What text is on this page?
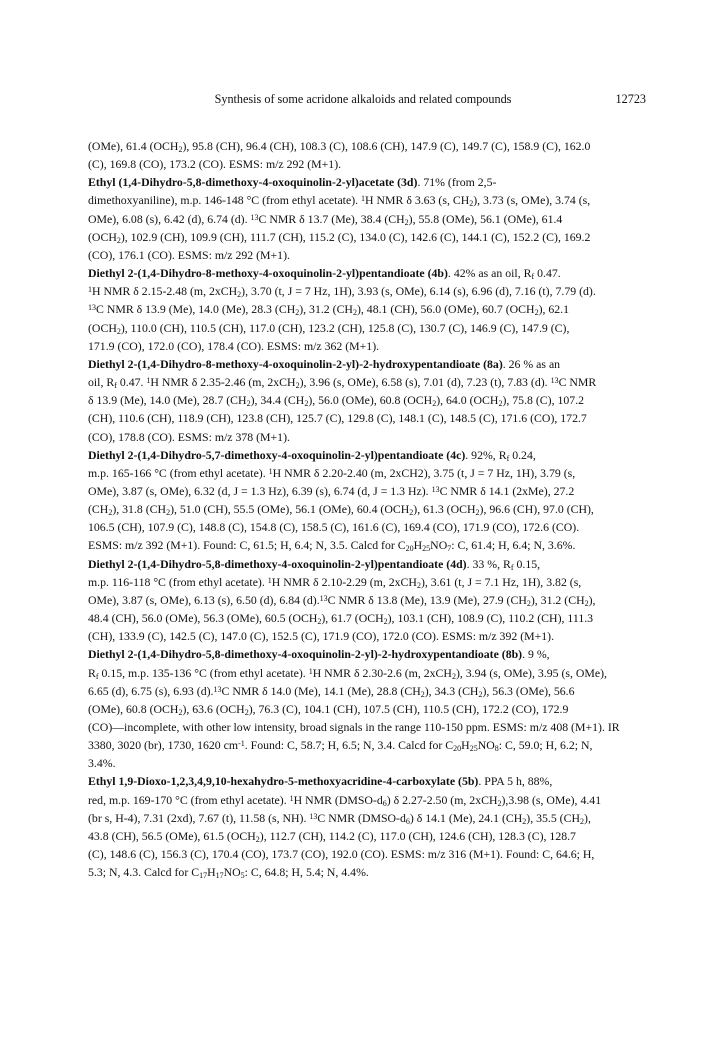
Synthesis of some acridone alkaloids and related compounds	12723
(OMe), 61.4 $(OCH_2)$, 95.8 (CH), 96.4 (CH), 108.3 (C), 108.6 (CH), 147.9 (C), 149.7 (C), 158.9 (C), 162.0
(C), 169.8 (CO), 173.2 (CO). ESMS: m/z 292 (M+1).
Ethyl (1,4-Dihydro-5,8-dimethoxy-4-oxoquinolin-2-yl)acetate (3d). 71% (from 2,5-
dimethoxyaniline), m.p. 146-148 °C (from ethyl acetate). $^1$H NMR δ 3.63 (s, $CH_2$), 3.73 (s, OMe), 3.74 (s,
OMe), 6.08 (s), 6.42 (d), 6.74 (d). $^{13}$C NMR δ 13.7 (Me), 38.4 $(CH_2)$, 55.8 (OMe), 56.1 (OMe), 61.4
$(OCH_2)$, 102.9 (CH), 109.9 (CH), 111.7 (CH), 115.2 (C), 134.0 (C), 142.6 (C), 144.1 (C), 152.2 (C), 169.2
(CO), 176.1 (CO). ESMS: m/z 292 (M+1).
Diethyl 2-(1,4-Dihydro-8-methoxy-4-oxoquinolin-2-yl)pentandioate (4b). 42% as an oil, $R_f$ 0.47.
$^1$H NMR δ 2.15-2.48 (m, 2xCH$_2$), 3.70 (t, J = 7 Hz, 1H), 3.93 (s, OMe), 6.14 (s), 6.96 (d), 7.16 (t), 7.79 (d).
$^{13}$C NMR δ 13.9 (Me), 14.0 (Me), 28.3 $(CH_2)$, 31.2 $(CH_2)$, 48.1 (CH), 56.0 (OMe), 60.7 $(OCH_2)$, 62.1
$(OCH_2)$, 110.0 (CH), 110.5 (CH), 117.0 (CH), 123.2 (CH), 125.8 (C), 130.7 (C), 146.9 (C), 147.9 (C),
171.9 (CO), 172.0 (CO), 178.4 (CO). ESMS: m/z 362 (M+1).
Diethyl 2-(1,4-Dihydro-8-methoxy-4-oxoquinolin-2-yl)-2-hydroxypentandioate (8a). 26 % as an
oil, $R_f$ 0.47. $^1$H NMR δ 2.35-2.46 (m, 2xCH$_2$), 3.96 (s, OMe), 6.58 (s), 7.01 (d), 7.23 (t), 7.83 (d). $^{13}$C NMR
δ 13.9 (Me), 14.0 (Me), 28.7 $(CH_2)$, 34.4 $(CH_2)$, 56.0 (OMe), 60.8 $(OCH_2)$, 64.0 $(OCH_2)$, 75.8 (C), 107.2
(CH), 110.6 (CH), 118.9 (CH), 123.8 (CH), 125.7 (C), 129.8 (C), 148.1 (C), 148.5 (C), 171.6 (CO), 172.7
(CO), 178.8 (CO). ESMS: m/z 378 (M+1).
Diethyl 2-(1,4-Dihydro-5,7-dimethoxy-4-oxoquinolin-2-yl)pentandioate (4c). 92%, $R_f$ 0.24,
m.p. 165-166 °C (from ethyl acetate). $^1$H NMR δ 2.20-2.40 (m, 2xCH2), 3.75 (t, J = 7 Hz, 1H), 3.79 (s,
OMe), 3.87 (s, OMe), 6.32 (d, J = 1.3 Hz), 6.39 (s), 6.74 (d, J = 1.3 Hz). $^{13}$C NMR δ 14.1 (2xMe), 27.2
$(CH_2)$, 31.8 $(CH_2)$, 51.0 (CH), 55.5 (OMe), 56.1 (OMe), 60.4 $(OCH_2)$, 61.3 $(OCH_2)$, 96.6 (CH), 97.0 (CH),
106.5 (CH), 107.9 (C), 148.8 (C), 154.8 (C), 158.5 (C), 161.6 (C), 169.4 (CO), 171.9 (CO), 172.6 (CO).
ESMS: m/z 392 (M+1). Found: C, 61.5; H, 6.4; N, 3.5. Calcd for $C_{20}H_{25}NO_7$: C, 61.4; H, 6.4; N, 3.6%.
Diethyl 2-(1,4-Dihydro-5,8-dimethoxy-4-oxoquinolin-2-yl)pentandioate (4d). 33 %, $R_f$ 0.15,
m.p. 116-118 °C (from ethyl acetate). $^1$H NMR δ 2.10-2.29 (m, 2xCH$_2$), 3.61 (t, J = 7.1 Hz, 1H), 3.82 (s,
OMe), 3.87 (s, OMe), 6.13 (s), 6.50 (d), 6.84 (d).$^{13}$C NMR δ 13.8 (Me), 13.9 (Me), 27.9 $(CH_2)$, 31.2 $(CH_2)$,
48.4 (CH), 56.0 (OMe), 56.3 (OMe), 60.5 $(OCH_2)$, 61.7 $(OCH_2)$, 103.1 (CH), 108.9 (C), 110.2 (CH), 111.3
(CH), 133.9 (C), 142.5 (C), 147.0 (C), 152.5 (C), 171.9 (CO), 172.0 (CO). ESMS: m/z 392 (M+1).
Diethyl 2-(1,4-Dihydro-5,8-dimethoxy-4-oxoquinolin-2-yl)-2-hydroxypentandioate (8b). 9 %,
$R_f$ 0.15, m.p. 135-136 °C (from ethyl acetate). $^1$H NMR δ 2.30-2.6 (m, 2xCH$_2$), 3.94 (s, OMe), 3.95 (s, OMe),
6.65 (d), 6.75 (s), 6.93 (d).$^{13}$C NMR δ 14.0 (Me), 14.1 (Me), 28.8 $(CH_2)$, 34.3 $(CH_2)$, 56.3 (OMe), 56.6
(OMe), 60.8 $(OCH_2)$, 63.6 $(OCH_2)$, 76.3 (C), 104.1 (CH), 107.5 (CH), 110.5 (CH), 172.2 (CO), 172.9
(CO)—incomplete, with other low intensity, broad signals in the range 110-150 ppm. ESMS: m/z 408 (M+1). IR
3380, 3020 (br), 1730, 1620 $cm^{-1}$. Found: C, 58.7; H, 6.5; N, 3.4. Calcd for $C_{20}H_{25}NO_8$: C, 59.0; H, 6.2; N,
3.4%.
Ethyl 1,9-Dioxo-1,2,3,4,9,10-hexahydro-5-methoxyacridine-4-carboxylate (5b). PPA 5 h, 88%,
red, m.p. 169-170 °C (from ethyl acetate). $^1$H NMR $(DMSO-d_6)$ δ 2.27-2.50 (m, 2xCH$_2$),3.98 (s, OMe), 4.41
(br s, H-4), 7.31 (2xd), 7.67 (t), 11.58 (s, NH). $^{13}$C NMR $(DMSO-d_6)$ δ 14.1 (Me), 24.1 $(CH_2)$, 35.5 $(CH_2)$,
43.8 (CH), 56.5 (OMe), 61.5 $(OCH_2)$, 112.7 (CH), 114.2 (C), 117.0 (CH), 124.6 (CH), 128.3 (C), 128.7
(C), 148.6 (C), 156.3 (C), 170.4 (CO), 173.7 (CO), 192.0 (CO). ESMS: m/z 316 (M+1). Found: C, 64.6; H,
5.3; N, 4.3. Calcd for $C_{17}H_{17}NO_5$: C, 64.8; H, 5.4; N, 4.4%.
